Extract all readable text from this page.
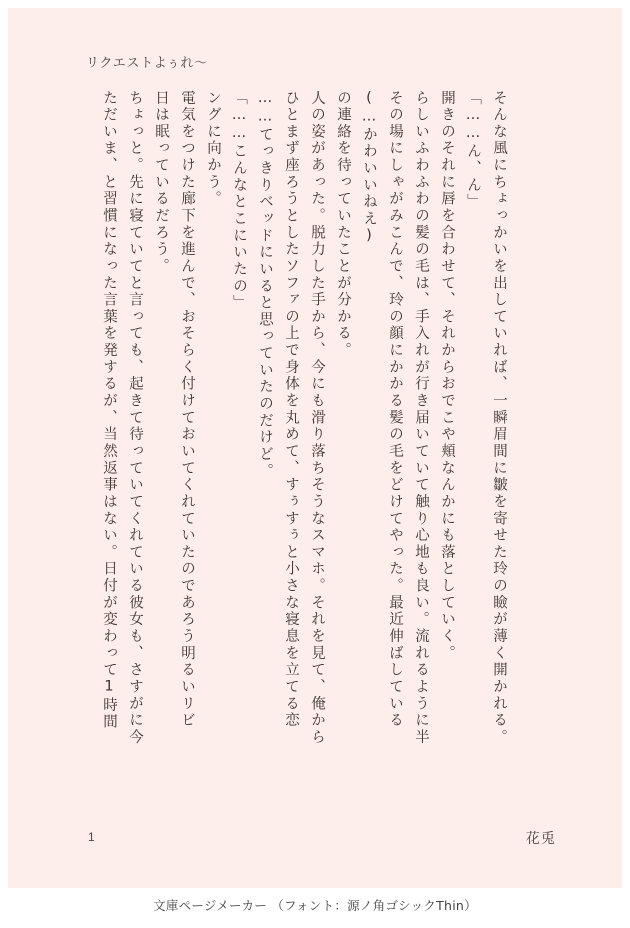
リクエストよぅれ〜
ただいま、と習慣になった言葉を発するが、当然返事はない。日付が変わって1時間 ちょっと。先に寝ていてと言っても、起きて待っていてくれている彼女も、さすがに今 日は眠っているだろう。 電気をつけた廊下を進んで、おそらく付けておいてくれていたのであろう明るいリビ ングに向かう。 「……こんなとこにいたの」 ……てっきりベッドにいると思っていたのだけど。 ひとまず座ろうとしたソファの上で身体を丸めて、すぅすぅと小さな寝息を立てる恋 人の姿があった。脱力した手から、今にも滑り落ちそうなスマホ。それを見て、俺から の連絡を待っていたことが分かる。 (…かわいいねえ) その場にしゃがみこんで、玲の顔にかかる髪の毛をどけてやった。最近伸ばしている らしいふわふわの髪の毛は、手入れが行き届いていて触り心地も良い。流れるように半 開きのそれに唇を合わせて、それからおでこや頬なんかにも落としていく。 「……ん、ん」 そんな風にちょっかいを出していれば、一瞬眉間に皺を寄せた玲の瞼が薄く開かれる。
1	花兎
文庫ページメーカー （フォント：源ノ角ゴシックThin）
